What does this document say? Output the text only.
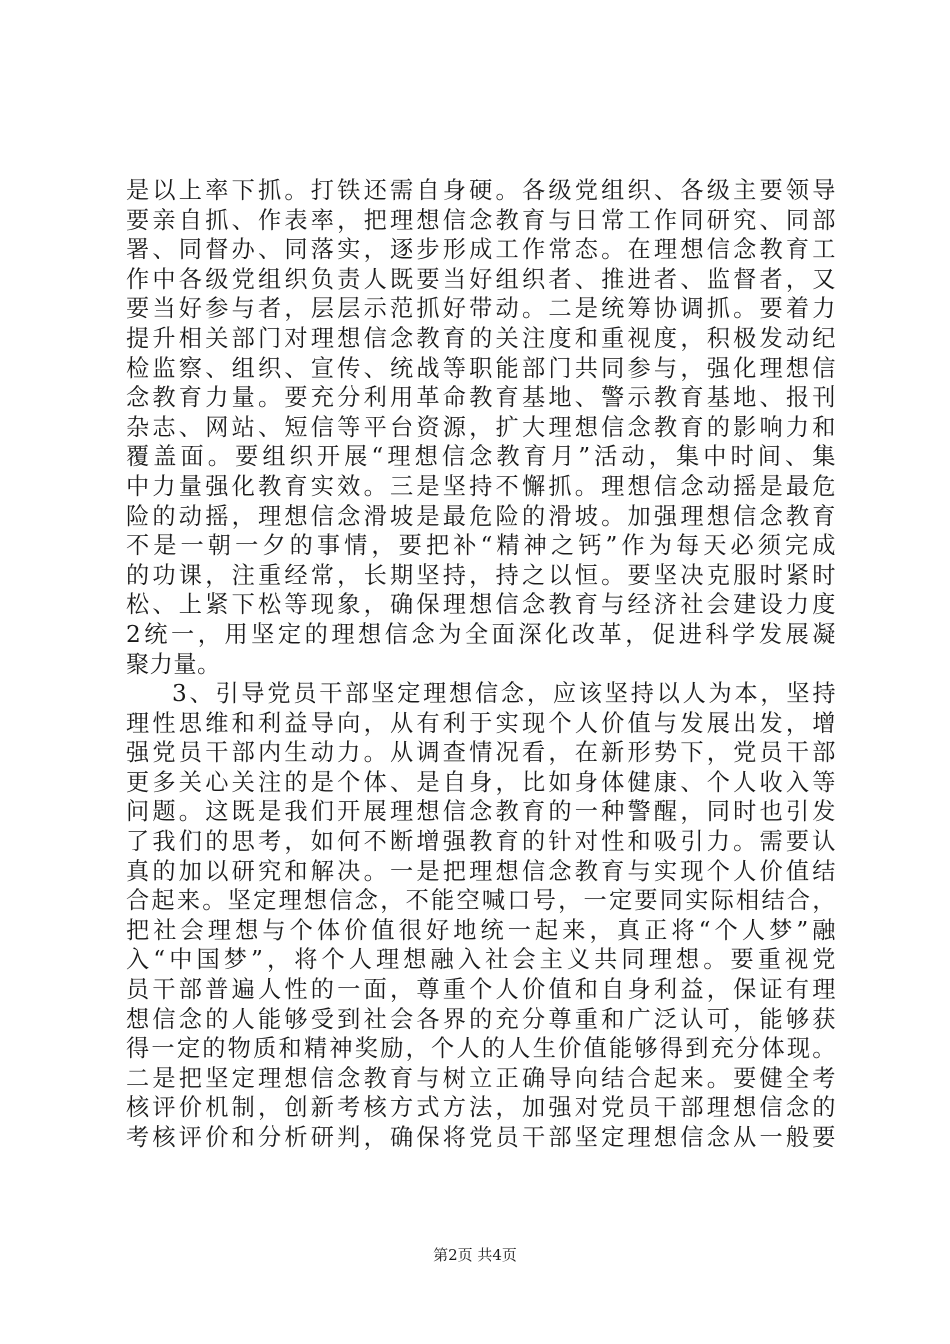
是以上率下抓。打铁还需自身硬。各级党组织、各级主要领导
要亲自抓、作表率，把理想信念教育与日常工作同研究、同部
署、同督办、同落实，逐步形成工作常态。在理想信念教育工
作中各级党组织负责人既要当好组织者、推进者、监督者，又
要当好参与者，层层示范抓好带动。二是统筹协调抓。要着力
提升相关部门对理想信念教育的关注度和重视度，积极发动纪
检监察、组织、宣传、统战等职能部门共同参与，强化理想信
念教育力量。要充分利用革命教育基地、警示教育基地、报刊
杂志、网站、短信等平台资源，扩大理想信念教育的影响力和
覆盖面。要组织开展“理想信念教育月”活动，集中时间、集
中力量强化教育实效。三是坚持不懈抓。理想信念动摇是最危
险的动摇，理想信念滑坡是最危险的滑坡。加强理想信念教育
不是一朝一夕的事情，要把补“精神之钙”作为每天必须完成
的功课，注重经常，长期坚持，持之以恒。要坚决克服时紧时
松、上紧下松等现象，确保理想信念教育与经济社会建设力度
2统一，用坚定的理想信念为全面深化改革，促进科学发展凝
聚力量。
3、引导党员干部坚定理想信念，应该坚持以人为本，坚持
理性思维和利益导向，从有利于实现个人价值与发展出发，增
强党员干部内生动力。从调查情况看，在新形势下，党员干部
更多关心关注的是个体、是自身，比如身体健康、个人收入等
问题。这既是我们开展理想信念教育的一种警醒，同时也引发
了我们的思考，如何不断增强教育的针对性和吸引力。需要认
真的加以研究和解决。一是把理想信念教育与实现个人价值结
合起来。坚定理想信念，不能空喊口号，一定要同实际相结合，
把社会理想与个体价值很好地统一起来，真正将“个人梦”融
入“中国梦”，将个人理想融入社会主义共同理想。要重视党
员干部普遍人性的一面，尊重个人价值和自身利益，保证有理
想信念的人能够受到社会各界的充分尊重和广泛认可，能够获
得一定的物质和精神奖励，个人的人生价值能够得到充分体现。
二是把坚定理想信念教育与树立正确导向结合起来。要健全考
核评价机制，创新考核方式方法，加强对党员干部理想信念的
考核评价和分析研判，确保将党员干部坚定理想信念从一般要
第2页 共4页
